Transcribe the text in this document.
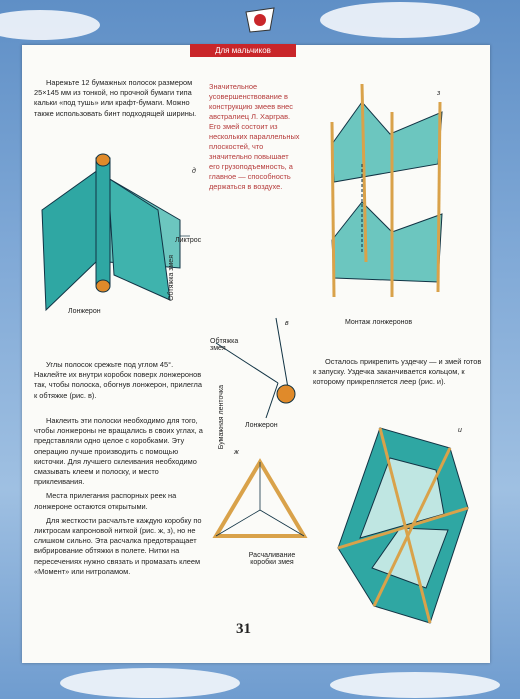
Для мальчиков

Нарежьте 12 бумажных полосок размером 25×145 мм из тонкой, но прочной бумаги типа кальки «под тушь» или крафт-бумаги. Можно также использовать бинт подходящей ширины.

Значительное усовершенствование в конструкцию змеев внес австралиец Л. Харграв. Его змей состоит из нескольких параллельных плоскостей, что значительно повышает его грузоподъемность, а главное — способность держаться в воздухе.
д
Ликтрос
Обтяжка змея
Лонжерон
з
Монтаж лонжеронов

Углы полосок срежьте под углом 45°. Наклейте их внутри коробок поверх лонжеронов так, чтобы полоска, обогнув лонжерон, прилегла к обтяжке (рис. в).

в
Обтяжка змея
Бумажная ленточка	Лонжерон

Осталось прикрепить уздечку — и змей готов к запуску. Уздечка заканчивается кольцом, к которому прикрепляется леер (рис. и).

Наклеить эти полоски необходимо для того, чтобы лонжероны не вращались в своих углах, а представляли одно целое с коробками. Эту операцию лучше производить с помощью кисточки. Для лучшего склеивания необходимо смазывать клеем и полоску, и место приклеивания.

Места прилегания распорных реек на лонжероне остаются открытыми.

Для жесткости расчалъте каждую коробку по ликтросам капроновой ниткой (рис. ж, з), но не слишком сильно. Эта расчалка предотвращает вибрирование обтяжки в полете. Нитки на пересечениях нужно связать и промазать клеем «Момент» или нитроламом.

ж
Расчаливание коробки змея
и
31
